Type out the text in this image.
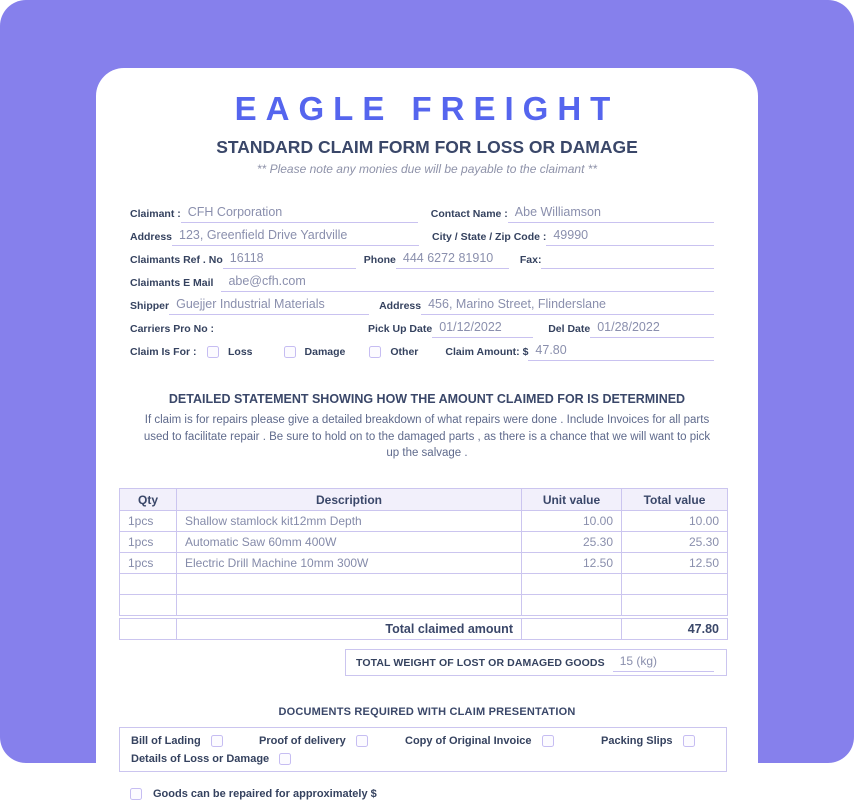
EAGLE FREIGHT
STANDARD CLAIM FORM FOR LOSS OR DAMAGE
** Please note any monies due will be payable to the claimant **
Claimant : CFH Corporation	Contact Name : Abe Williamson
Address 123, Greenfield Drive Yardville	City / State / Zip Code : 49990
Claimants Ref . No 16118	Phone 444 6272 81910	Fax:
Claimants E Mail	abe@cfh.com
Shipper Guejjer Industrial Materials	Address 456, Marino Street, Flinderslane
Carriers Pro No :	Pick Up Date 01/12/2022	Del Date 01/28/2022
Claim Is For :	Loss	Damage	Other	Claim Amount: $ 47.80
DETAILED STATEMENT SHOWING HOW THE AMOUNT CLAIMED FOR IS DETERMINED
If claim is for repairs please give a detailed breakdown of what repairs were done . Include Invoices for all parts used to facilitate repair . Be sure to hold on to the damaged parts , as there is a chance that we will want to pick up the salvage .
Qty	Description	Unit value	Total value
1pcs	Shallow stamlock kit12mm Depth	10.00	10.00
1pcs	Automatic Saw 60mm 400W	25.30	25.30
1pcs	Electric Drill Machine 10mm 300W	12.50	12.50

	Total claimed amount		47.80
TOTAL WEIGHT OF LOST OR DAMAGED GOODS	15 (kg)
DOCUMENTS REQUIRED WITH CLAIM PRESENTATION
Bill of Lading	Proof of delivery	Copy of Original Invoice	Packing Slips
Details of Loss or Damage
Goods can be repaired for approximately $
